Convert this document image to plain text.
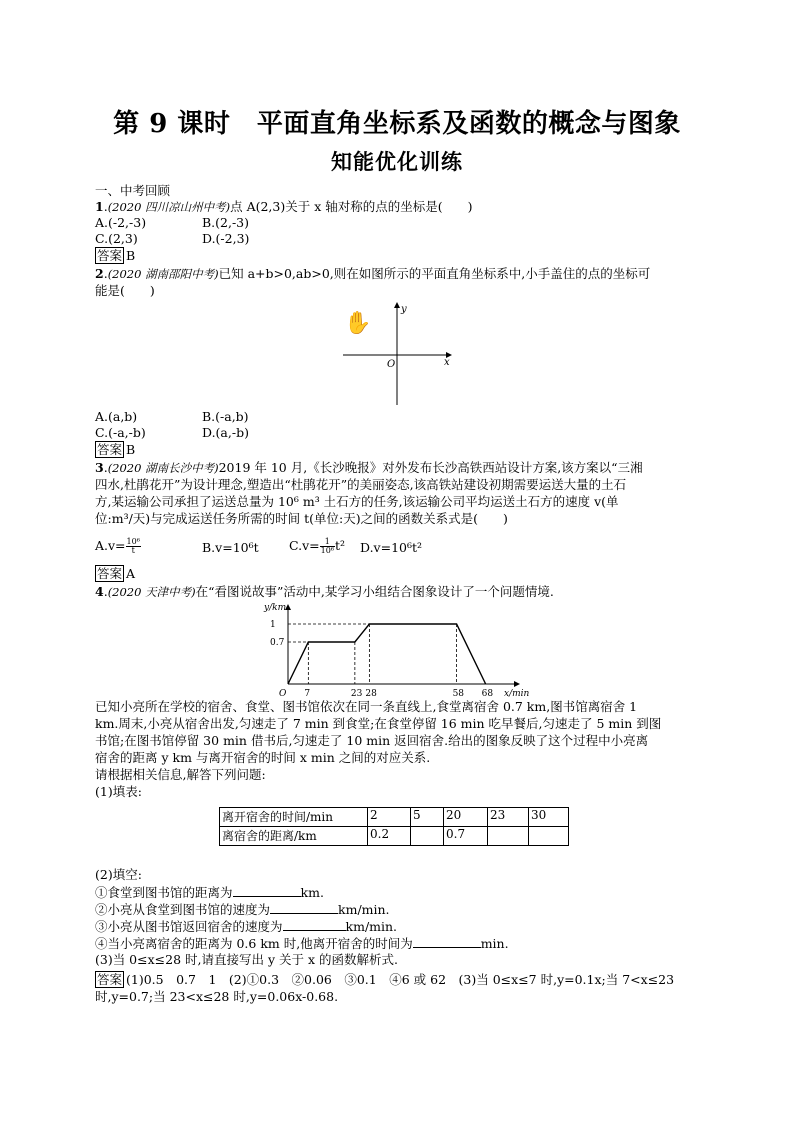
第 9 课时　平面直角坐标系及函数的概念与图象
知能优化训练
一、中考回顾
1.(2020 四川凉山州中考)点 A(2,3)关于 x 轴对称的点的坐标是(　　)
A.(-2,-3)	B.(2,-3)
C.(2,3)	D.(-2,3)
答案 B
2.(2020 湖南邵阳中考)已知 a+b>0,ab>0,则在如图所示的平面直角坐标系中,小手盖住的点的坐标可
能是(　　)
x
y
O
✋
A.(a,b)	B.(-a,b)
C.(-a,-b)	D.(a,-b)
答案 B
3.(2020 湖南长沙中考)2019 年 10 月,《长沙晚报》对外发布长沙高铁西站设计方案,该方案以“三湘
四水,杜鹃花开”为设计理念,塑造出“杜鹃花开”的美丽姿态,该高铁站建设初期需要运送大量的土石
方,某运输公司承担了运送总量为 10⁶ m³ 土石方的任务,该运输公司平均运送土石方的速度 v(单
位:m³/天)与完成运送任务所需的时间 t(单位:天)之间的函数关系式是(　　)
$A.v= \frac{\text{10⁶}}{t}$	B.v=10⁶t $C.v= \frac{1}{\text{10⁶}} t^2$ D.v=10⁶t²
答案 A
4.(2020 天津中考)在“看图说故事”活动中,某学习小组结合图象设计了一个问题情境.
x/min
y/km
O 7	23 28	58 68
0.7
1
已知小亮所在学校的宿舍、食堂、图书馆依次在同一条直线上,食堂离宿舍 0.7 km,图书馆离宿舍 1
km.周末,小亮从宿舍出发,匀速走了 7 min 到食堂;在食堂停留 16 min 吃早餐后,匀速走了 5 min 到图
书馆;在图书馆停留 30 min 借书后,匀速走了 10 min 返回宿舍.给出的图象反映了这个过程中小亮离
宿舍的距离 y km 与离开宿舍的时间 x min 之间的对应关系.
请根据相关信息,解答下列问题:
(1)填表:
离开宿舍的时间/min	2	5	20	23	30
离宿舍的距离/km	0.2		0.7		
(2)填空:
①食堂到图书馆的距离为	km.
②小亮从食堂到图书馆的速度为	km/min.
③小亮从图书馆返回宿舍的速度为	km/min.
④当小亮离宿舍的距离为 0.6 km 时,他离开宿舍的时间为	min.
(3)当 0≤x≤28 时,请直接写出 y 关于 x 的函数解析式.
答案 (1)0.5　0.7　1　(2)①0.3　②0.06　③0.1　④6 或 62　(3)当 0≤x≤7 时,y=0.1x;当 7<x≤23
时,y=0.7;当 23<x≤28 时,y=0.06x-0.68.
